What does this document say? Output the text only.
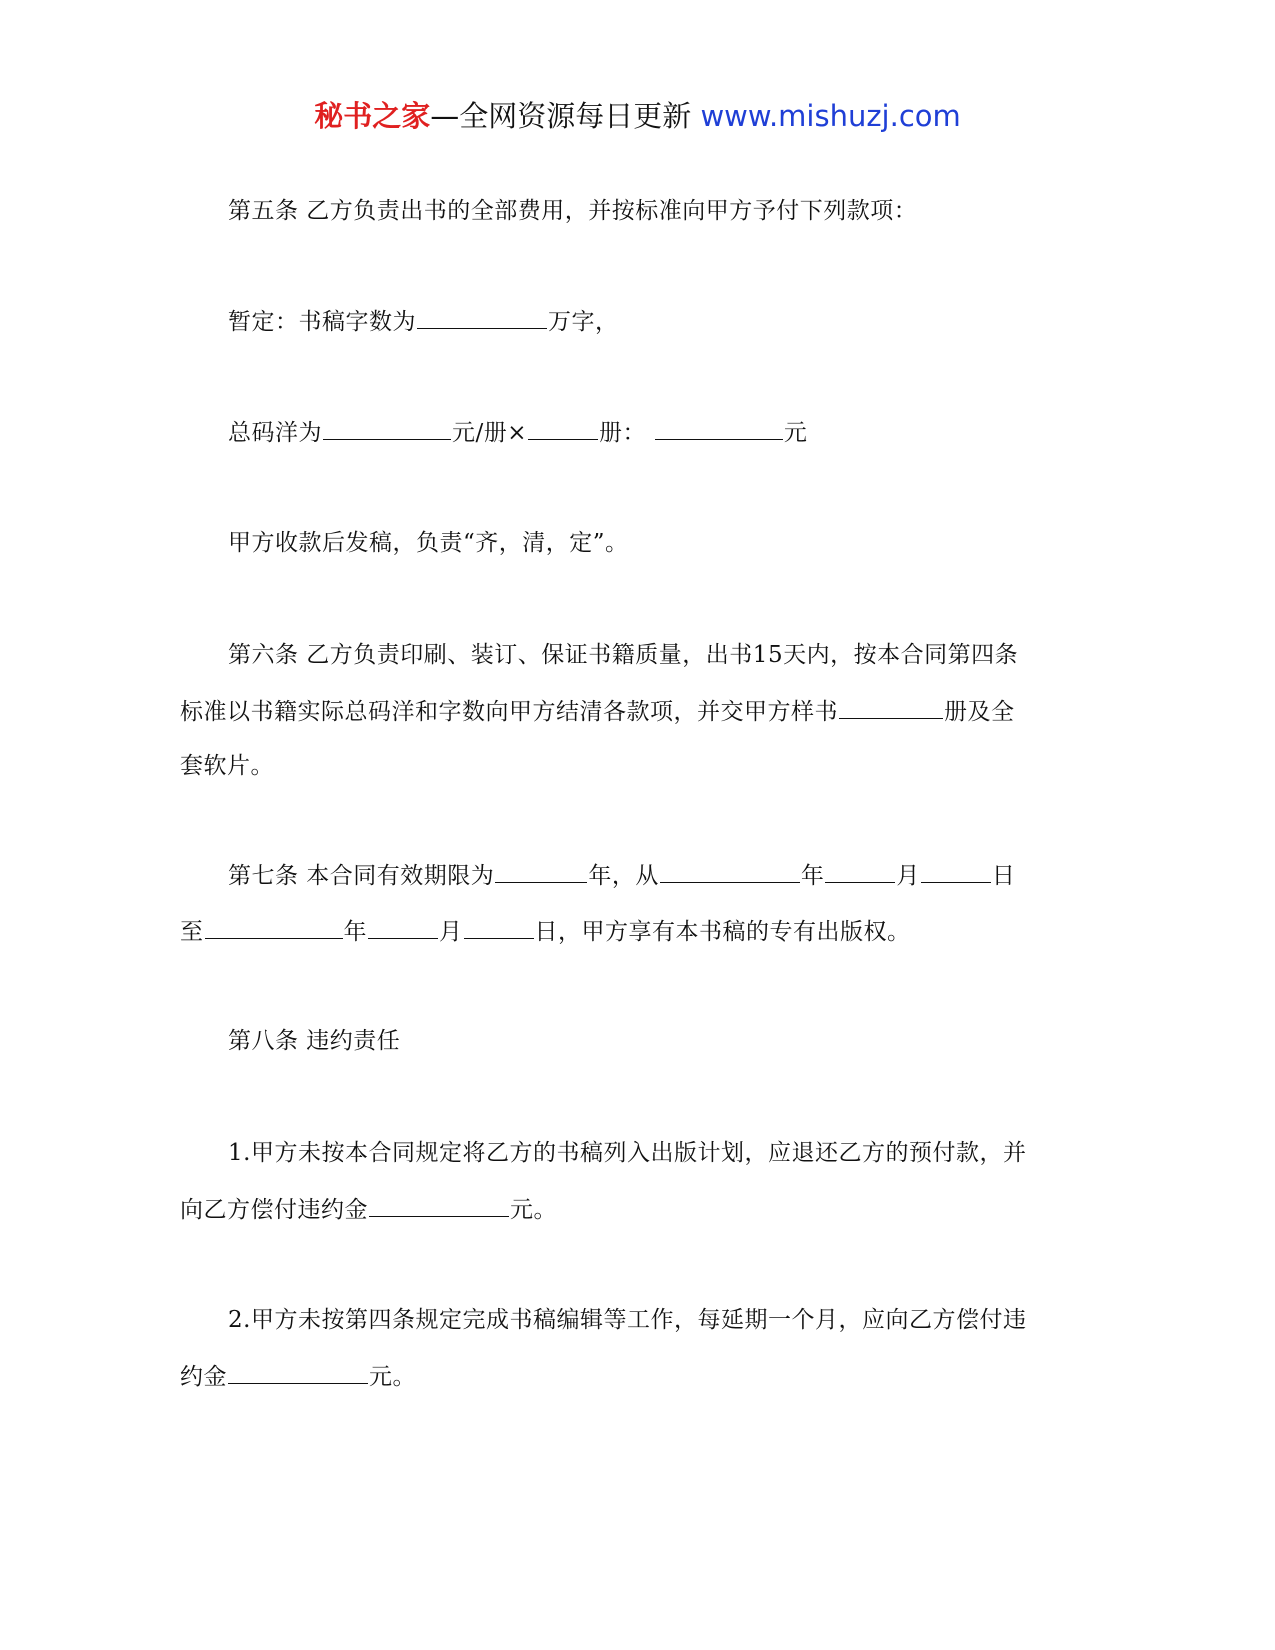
秘书之家—全网资源每日更新 www.mishuzj.com
第五条 乙方负责出书的全部费用，并按标准向甲方予付下列款项：
暂定：书稿字数为	万字，
总码洋为	元/册×	册：	元
甲方收款后发稿，负责“齐，清，定”。
第六条 乙方负责印刷、装订、保证书籍质量，出书15天内，按本合同第四条
标准以书籍实际总码洋和字数向甲方结清各款项，并交甲方样书	册及全
套软片。
第七条 本合同有效期限为	年，从	年	月	日
至	年	月	日，甲方享有本书稿的专有出版权。
第八条 违约责任
1.甲方未按本合同规定将乙方的书稿列入出版计划，应退还乙方的预付款，并
向乙方偿付违约金	元。
2.甲方未按第四条规定完成书稿编辑等工作，每延期一个月，应向乙方偿付违
约金	元。
